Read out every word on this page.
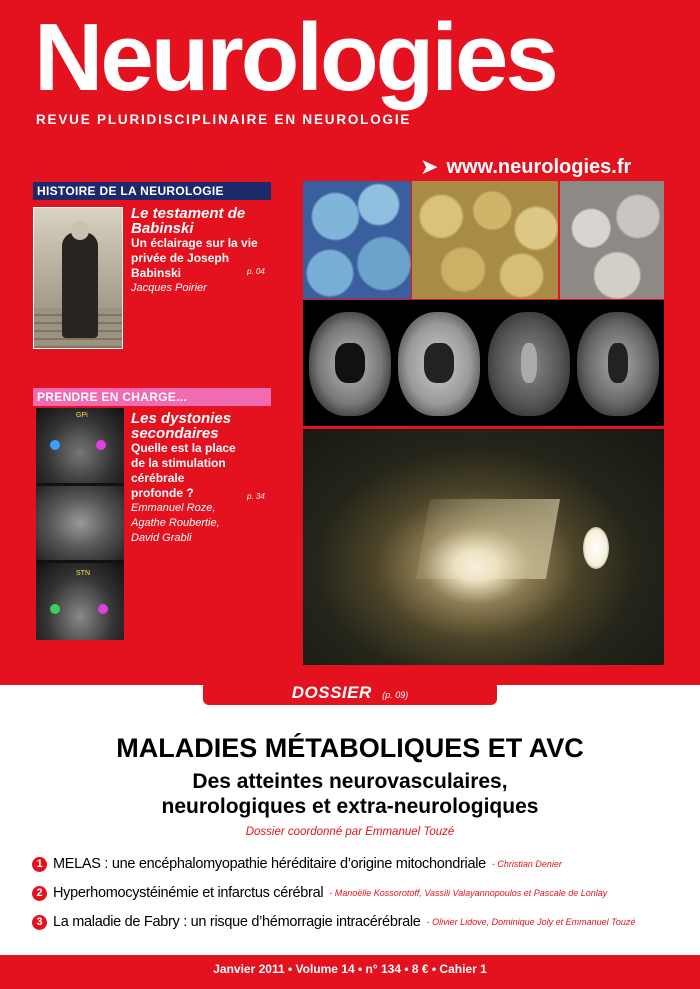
Neurologies
REVUE PLURIDISCIPLINAIRE EN NEUROLOGIE
➤ www.neurologies.fr
HISTOIRE DE LA NEUROLOGIE
Le testament de Babinski
Un éclairage sur la vie privée de Joseph Babinski
Jacques Poirier
p. 04
PRENDRE EN CHARGE...
GPi
STN
Les dystonies secondaires
Quelle est la place de la stimulation cérébrale profonde ?
Emmanuel Roze, Agathe Roubertie, David Grabli
p. 34
DOSSIER (p. 09)
MALADIES MÉTABOLIQUES ET AVC
Des atteintes neurovasculaires,
neurologiques et extra-neurologiques
Dossier coordonné par Emmanuel Touzé
1 MELAS : une encéphalomyopathie héréditaire d’origine mitochondriale - Christian Denier
2 Hyperhomocystéinémie et infarctus cérébral - Manoëlle Kossorotoff, Vassili Valayannopoulos et Pascale de Lonlay
3 La maladie de Fabry : un risque d’hémorragie intracérébrale - Olivier Lidove, Dominique Joly et Emmanuel Touzé
Janvier 2011 • Volume 14 • n° 134 • 8 € • Cahier 1
